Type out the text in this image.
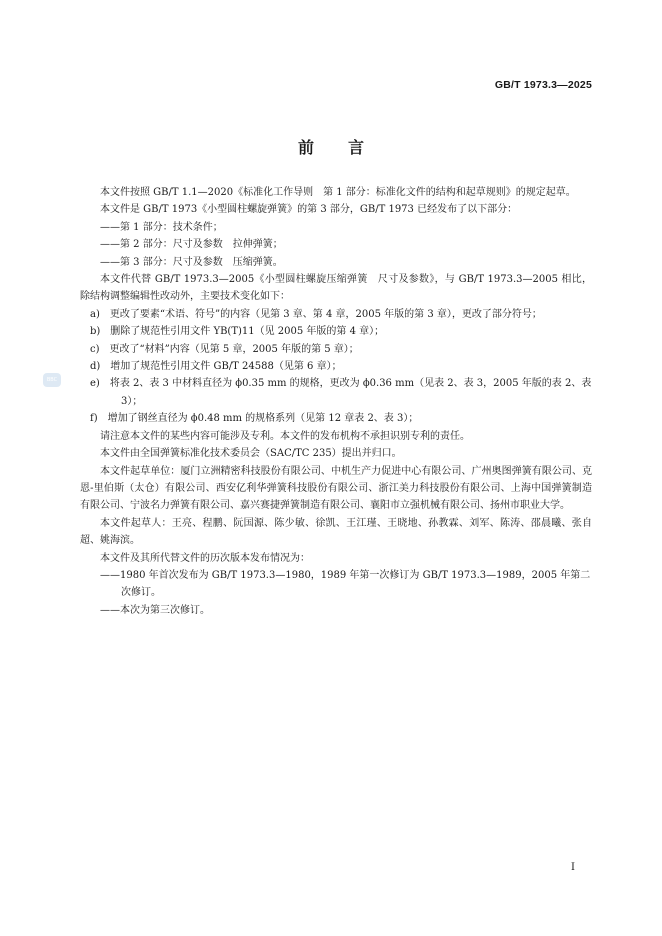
GB/T 1973.3—2025
前言
BBC

本文件按照 GB/T 1.1—2020《标准化工作导则　第 1 部分：标准化文件的结构和起草规则》的规定起草。

本文件是 GB/T 1973《小型圆柱螺旋弹簧》的第 3 部分，GB/T 1973 已经发布了以下部分：

——第 1 部分：技术条件；

——第 2 部分：尺寸及参数　拉伸弹簧；

——第 3 部分：尺寸及参数　压缩弹簧。

本文件代替 GB/T 1973.3—2005《小型圆柱螺旋压缩弹簧　尺寸及参数》，与 GB/T 1973.3—2005 相比，除结构调整编辑性改动外，主要技术变化如下：

a)　更改了要素“术语、符号”的内容（见第 3 章、第 4 章，2005 年版的第 3 章），更改了部分符号；

b)　删除了规范性引用文件 YB(T)11（见 2005 年版的第 4 章）；

c)　更改了“材料”内容（见第 5 章，2005 年版的第 5 章）；

d)　增加了规范性引用文件 GB/T 24588（见第 6 章）；

e)　将表 2、表 3 中材料直径为 ϕ0.35 mm 的规格，更改为 ϕ0.36 mm（见表 2、表 3，2005 年版的表 2、表 3）；

f)　增加了钢丝直径为 ϕ0.48 mm 的规格系列（见第 12 章表 2、表 3）；

请注意本文件的某些内容可能涉及专利。本文件的发布机构不承担识别专利的责任。

本文件由全国弹簧标准化技术委员会（SAC/TC 235）提出并归口。

本文件起草单位：厦门立洲精密科技股份有限公司、中机生产力促进中心有限公司、广州奥图弹簧有限公司、克恩-里伯斯（太仓）有限公司、西安亿利华弹簧科技股份有限公司、浙江美力科技股份有限公司、上海中国弹簧制造有限公司、宁波名力弹簧有限公司、嘉兴赛捷弹簧制造有限公司、襄阳市立强机械有限公司、扬州市职业大学。

本文件起草人：王亮、程鹏、阮国源、陈少敏、徐凯、王江瑾、王晓地、孙教霖、刘军、陈涛、邵晨曦、张自超、姚海滨。

本文件及其所代替文件的历次版本发布情况为：

——1980 年首次发布为 GB/T 1973.3—1980，1989 年第一次修订为 GB/T 1973.3—1989，2005 年第二次修订。

——本次为第三次修订。

I
